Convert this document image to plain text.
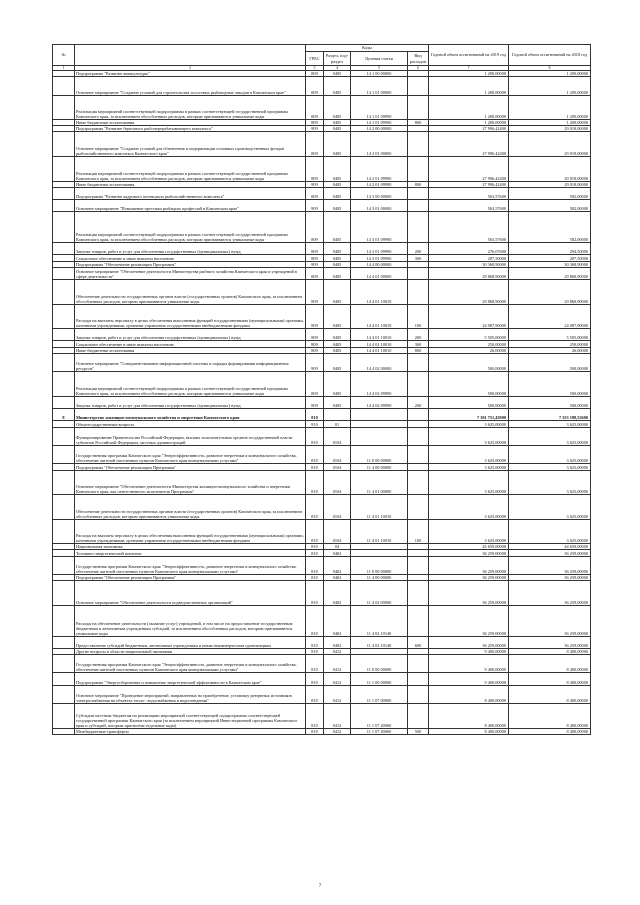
№		Коды				Годовой объем ассигнований на 2019 год	Годовой объем ассигнований на 2018 год
		ГРБС	Раздел, под-раздел	Целевая статья	Вид расходов		
1	2	3	4	5	6	7	8
	Подпрограмма "Развитие аквакультуры"	809	0405	14 1 00 00000		1 200,00000	1 200,00000
	Основное мероприятие "Создание условий для строительства лососевых рыбоводных заводов в Камчатском крае"	809	0405	14 1 01 00000		1 200,00000	1 200,00000
	Реализация мероприятий соответствующей подпрограммы в рамках соответствующей государственной программы Камчатского края, за исключением обособленных расходов, которым присваиваются уникальные коды	809	0405	14 1 01 09990		1 200,00000	1 200,00000
	Иные бюджетные ассигнования	809	0405	14 1 01 09990	800	1 200,00000	1 200,00000
	Подпрограмма "Развитие берегового рыбоперерабатывающего комплекса"	809	0405	14 2 00 00000		27 996,42400	29 018,00000
	Основное мероприятие "Создание условий для обновления и модернизации основных производственных фондов рыбохозяйственного комплекса Камчатского края"	809	0405	14 2 01 00000		27 996,42400	29 018,00000
	Реализация мероприятий соответствующей подпрограммы в рамках соответствующей государственной программы Камчатского края, за исключением обособленных расходов, которым присваиваются уникальные коды	809	0405	14 2 01 09990		27 996,42400	29 018,00000
	Иные бюджетные ассигнования	809	0405	14 2 01 09990	800	27 996,42400	29 018,00000
	Подпрограмма "Развитие кадрового потенциала рыбохозяйственного комплекса"	809	0405	14 3 00 00000		563,57600	582,00000
	Основное мероприятие "Повышение престижа рыбацких профессий в Камчатском крае"	809	0405	14 3 01 00000		563,57600	582,00000
	Реализация мероприятий соответствующей подпрограммы в рамках соответствующей государственной программы Камчатского края, за исключением обособленных расходов, которым присваиваются уникальные коды	809	0405	14 3 01 09990		563,57600	582,00000
	Закупка товаров, работ и услуг для обеспечения государственных (муниципальных) нужд	809	0405	14 3 01 09990	200	276,07600	294,50000
	Социальное обеспечение и иные выплаты населению	809	0405	14 3 01 09990	300	287,50000	287,50000
	Подпрограмма "Обеспечение реализации Программы"	809	0405	14 4 00 00000		30 368,90000	30 368,90000
	Основное мероприятие "Обеспечение деятельности Министерства рыбного хозяйства Камчатского края и учреждений в сфере деятельности"	809	0405	14 4 01 00000		29 868,90000	29 868,90000
	Обеспечение деятельности государственных органов власти (государственных органов) Камчатского края, за исключением обособленных расходов, которым присваиваются уникальные коды	809	0405	14 4 01 10010		29 868,90000	29 868,90000
	Расходы на выплаты персоналу в целях обеспечения выполнения функций государственными (муниципальными) органами, казенными учреждениями, органами управления государственными внебюджетными фондами	809	0405	14 4 01 10010	100	24 087,90000	24 087,90000
	Закупка товаров, работ и услуг для обеспечения государственных (муниципальных) нужд	809	0405	14 4 01 10010	200	5 505,00000	5 505,00000
	Социальное обеспечение и иные выплаты населению	809	0405	14 4 01 10010	300	250,00000	250,00000
	Иные бюджетные ассигнования	809	0405	14 4 01 10010	800	26,00000	26,00000
	Основное мероприятие "Совершенствование информационной системы и порядка формирования информационных ресурсов"	809	0405	14 4 02 00000		500,00000	500,00000
	Реализация мероприятий соответствующей подпрограммы в рамках соответствующей государственной программы Камчатского края, за исключением обособленных расходов, которым присваиваются уникальные коды	809	0405	14 4 02 09990		500,00000	500,00000
	Закупка товаров, работ и услуг для обеспечения государственных (муниципальных) нужд	809	0405	14 4 02 09990	200	500,00000	500,00000
8	Министерство жилищно-коммунального хозяйства и энергетики Камчатского края	810				7 301 751,43900	7 353 188,52600
	Общегосударственные вопросы	810	01			3 625,00000	3 625,00000
	Функционирование Правительства Российской Федерации, высших исполнительных органов государственной власти субъектов Российской Федерации, местных администраций	810	0104			3 625,00000	3 625,00000
	Государственная программа Камчатского края "Энергоэффективность, развитие энергетики и коммунального хозяйства, обеспечение жителей населенных пунктов Камчатского края коммунальными услугами"	810	0104	11 0 00 00000		3 625,00000	3 625,00000
	Подпрограмма "Обеспечение реализации Программы"	810	0104	11 4 00 00000		3 625,00000	3 625,00000
	Основное мероприятие "Обеспечение деятельности Министерства жилищно-коммунального хозяйства и энергетики Камчатского края, как ответственного исполнителя Программы"	810	0104	11 4 01 00000		3 625,00000	3 625,00000
	Обеспечение деятельности государственных органов власти (государственных органов) Камчатского края, за исключением обособленных расходов, которым присваиваются уникальные коды	810	0104	11 4 01 10010		3 625,00000	3 625,00000
	Расходы на выплаты персоналу в целях обеспечения выполнения функций государственными (муниципальными) органами, казенными учреждениями, органами управления государственными внебюджетными фондами	810	0104	11 4 01 10010	100	3 625,00000	3 625,00000
	Национальная экономика	810	04			45 659,00000	44 659,00000
	Топливно-энергетический комплекс	810	0402			36 259,00000	36 259,00000
	Государственная программа Камчатского края "Энергоэффективность, развитие энергетики и коммунального хозяйства, обеспечение жителей населенных пунктов Камчатского края коммунальными услугами"	810	0402	11 0 00 00000		36 259,00000	36 259,00000
	Подпрограмма "Обеспечение реализации Программы"	810	0402	11 4 00 00000		36 259,00000	36 259,00000
	Основное мероприятие "Обеспечение деятельности подведомственных организаций"	810	0402	11 4 02 00000		36 259,00000	36 259,00000
	Расходы на обеспечение деятельности (оказание услуг) учреждений, в том числе на предоставление государственным бюджетным и автономным учреждениям субсидий, за исключением обособленных расходов, которым присваиваются уникальные коды	810	0402	11 4 02 10140		36 259,00000	36 259,00000
	Предоставление субсидий бюджетным, автономным учреждениям и иным некоммерческим организациям	810	0402	11 4 02 10140	600	36 259,00000	36 259,00000
	Другие вопросы в области национальной экономики	810	0412			9 400,00000	8 400,00000
	Государственная программа Камчатского края "Энергоэффективность, развитие энергетики и коммунального хозяйства, обеспечение жителей населенных пунктов Камчатского края коммунальными услугами"	810	0412	11 0 00 00000		9 400,00000	8 400,00000
	Подпрограмма "Энергосбережение и повышение энергетической эффективности в Камчатском крае"	810	0412	11 1 00 00000		9 400,00000	8 400,00000
	Основное мероприятие "Проведение мероприятий, направленных на приобретение, установку резервных источников электроснабжения на объектах тепло-, водоснабжения и водоотведения"	810	0412	11 1 07 00000		8 400,00000	8 400,00000
	Субсидии местным бюджетам на реализацию мероприятий соответствующей подпрограммы соответствующей государственной программы Камчатского края (за исключением мероприятий Инвестиционной программы Камчатского края и субсидий, которым присвоены отдельные коды)	810	0412	11 1 07 40060		8 400,00000	8 400,00000
	Межбюджетные трансферты	810	0412	11 1 07 40060	500	8 400,00000	8 400,00000
7
